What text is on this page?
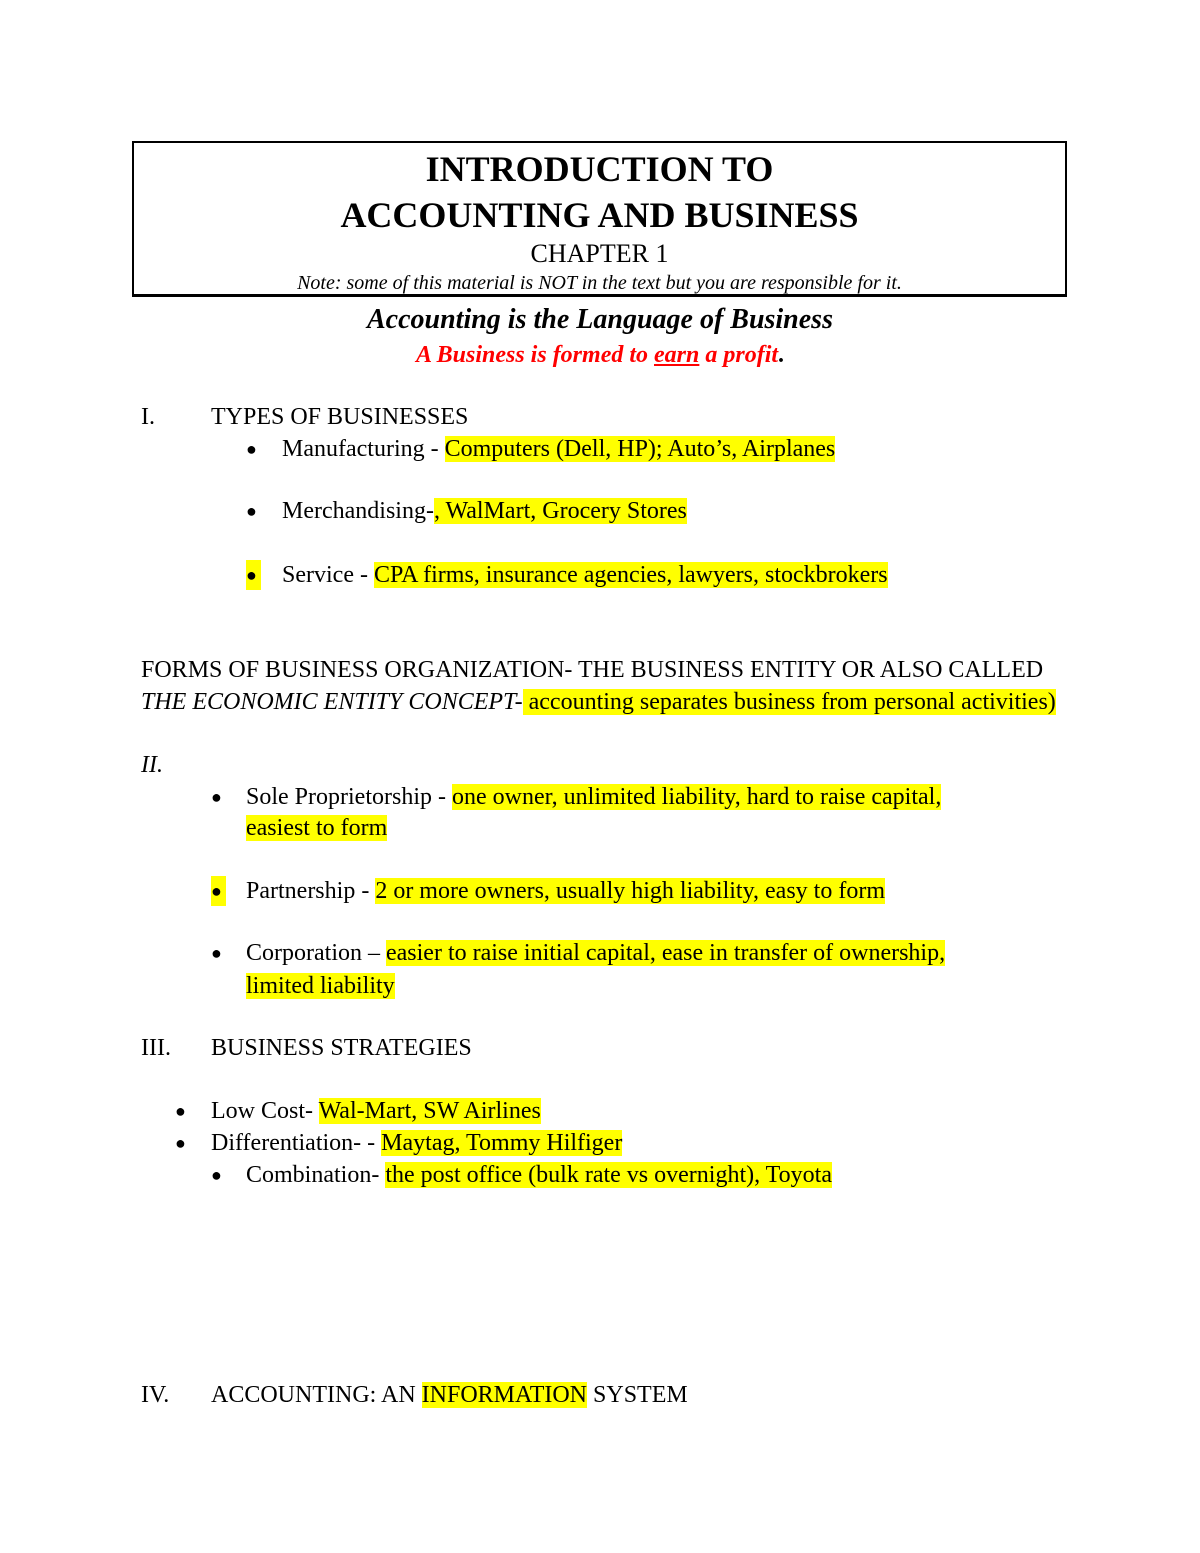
INTRODUCTION TO
ACCOUNTING AND BUSINESS
CHAPTER 1
Note: some of this material is NOT in the text but you are responsible for it.
Accounting is the Language of Business
A Business is formed to earn a profit.
I. TYPES OF BUSINESSES
● Manufacturing - Computers (Dell, HP); Auto’s, Airplanes
● Merchandising-, WalMart, Grocery Stores
● Service - CPA firms, insurance agencies, lawyers, stockbrokers
FORMS OF BUSINESS ORGANIZATION- THE BUSINESS ENTITY OR ALSO CALLED THE ECONOMIC ENTITY CONCEPT- accounting separates business from personal activities)
II.
● Sole Proprietorship - one owner, unlimited liability, hard to raise capital,
easiest to form
● Partnership - 2 or more owners, usually high liability, easy to form
● Corporation – easier to raise initial capital, ease in transfer of ownership,
limited liability
III. BUSINESS STRATEGIES
● Low Cost- Wal-Mart, SW Airlines
● Differentiation- - Maytag, Tommy Hilfiger
● Combination- the post office (bulk rate vs overnight), Toyota
IV. ACCOUNTING: AN INFORMATION SYSTEM
